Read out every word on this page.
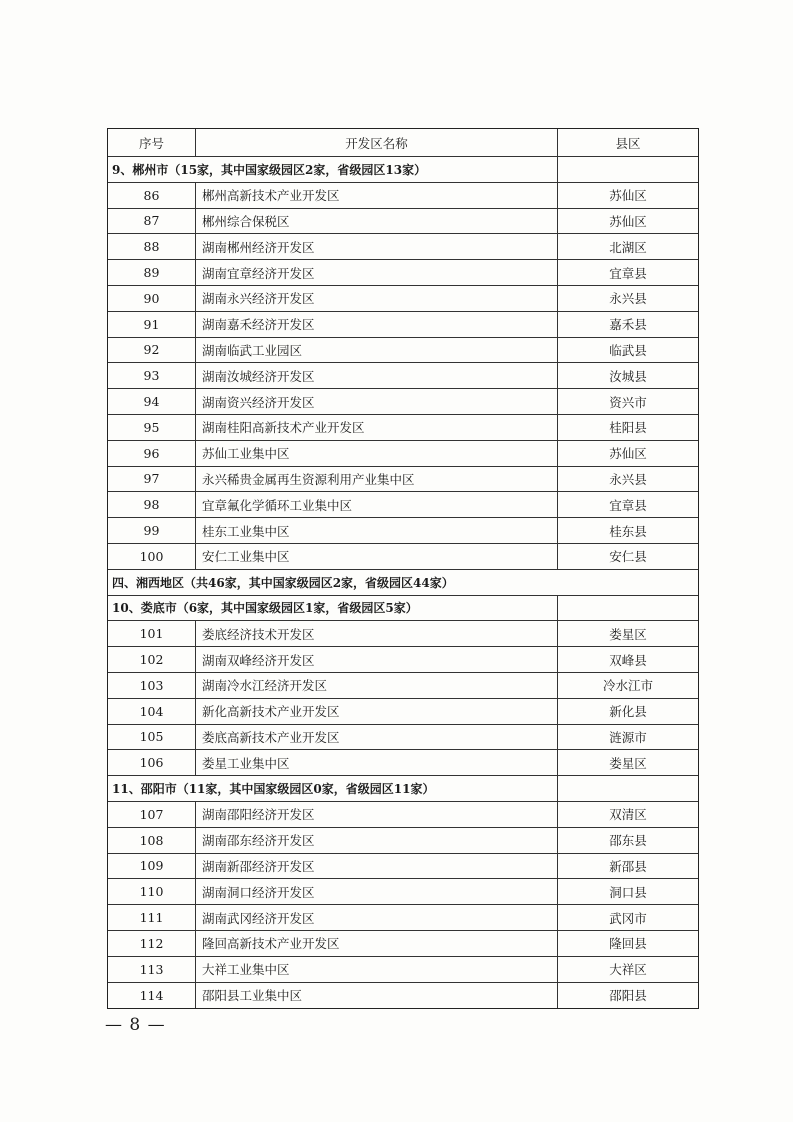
序号	开发区名称	县区
9、郴州市（15家，其中国家级园区2家，省级园区13家）
86	郴州高新技术产业开发区	苏仙区
87	郴州综合保税区	苏仙区
88	湖南郴州经济开发区	北湖区
89	湖南宜章经济开发区	宜章县
90	湖南永兴经济开发区	永兴县
91	湖南嘉禾经济开发区	嘉禾县
92	湖南临武工业园区	临武县
93	湖南汝城经济开发区	汝城县
94	湖南资兴经济开发区	资兴市
95	湖南桂阳高新技术产业开发区	桂阳县
96	苏仙工业集中区	苏仙区
97	永兴稀贵金属再生资源利用产业集中区	永兴县
98	宜章氟化学循环工业集中区	宜章县
99	桂东工业集中区	桂东县
100	安仁工业集中区	安仁县
四、湘西地区（共46家，其中国家级园区2家，省级园区44家）
10、娄底市（6家，其中国家级园区1家，省级园区5家）
101	娄底经济技术开发区	娄星区
102	湖南双峰经济开发区	双峰县
103	湖南冷水江经济开发区	冷水江市
104	新化高新技术产业开发区	新化县
105	娄底高新技术产业开发区	涟源市
106	娄星工业集中区	娄星区
11、邵阳市（11家，其中国家级园区0家，省级园区11家）
107	湖南邵阳经济开发区	双清区
108	湖南邵东经济开发区	邵东县
109	湖南新邵经济开发区	新邵县
110	湖南洞口经济开发区	洞口县
111	湖南武冈经济开发区	武冈市
112	隆回高新技术产业开发区	隆回县
113	大祥工业集中区	大祥区
114	邵阳县工业集中区	邵阳县
— 8 —
